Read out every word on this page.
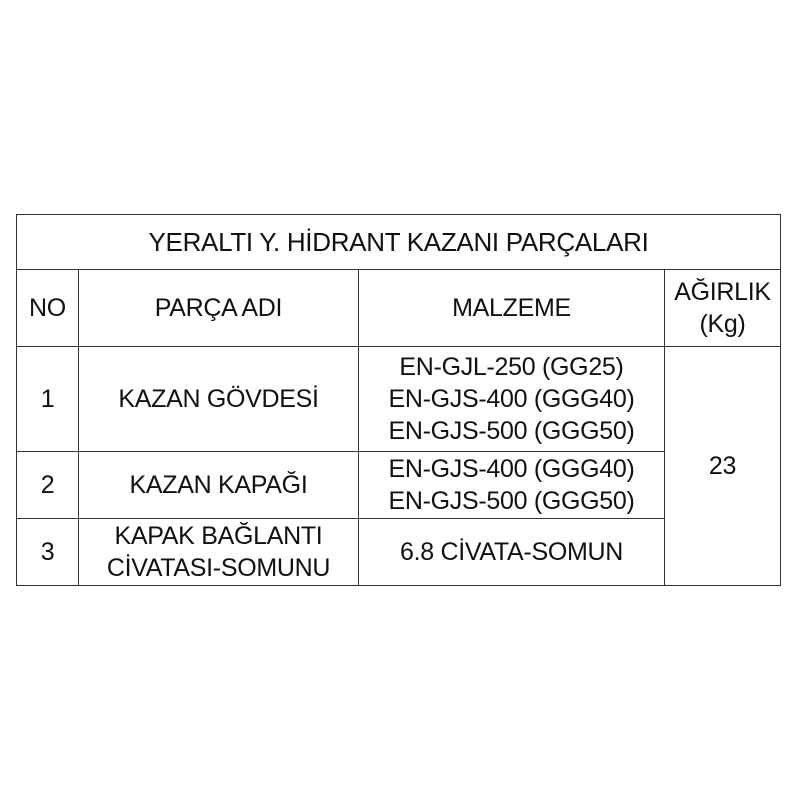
YERALTI Y. HİDRANT KAZANI PARÇALARI			
NO	PARÇA ADI	MALZEME	AĞIRLIK
(Kg)

1	KAZAN GÖVDESİ	EN-GJL-250 (GG25)
EN-GJS-400 (GGG40)
EN-GJS-500 (GGG50)	23
2	KAZAN KAPAĞI	EN-GJS-400 (GGG40)
EN-GJS-500 (GGG50)	

3	KAPAK BAĞLANTI
CİVATASI-SOMUNU	6.8 CİVATA-SOMUN	
